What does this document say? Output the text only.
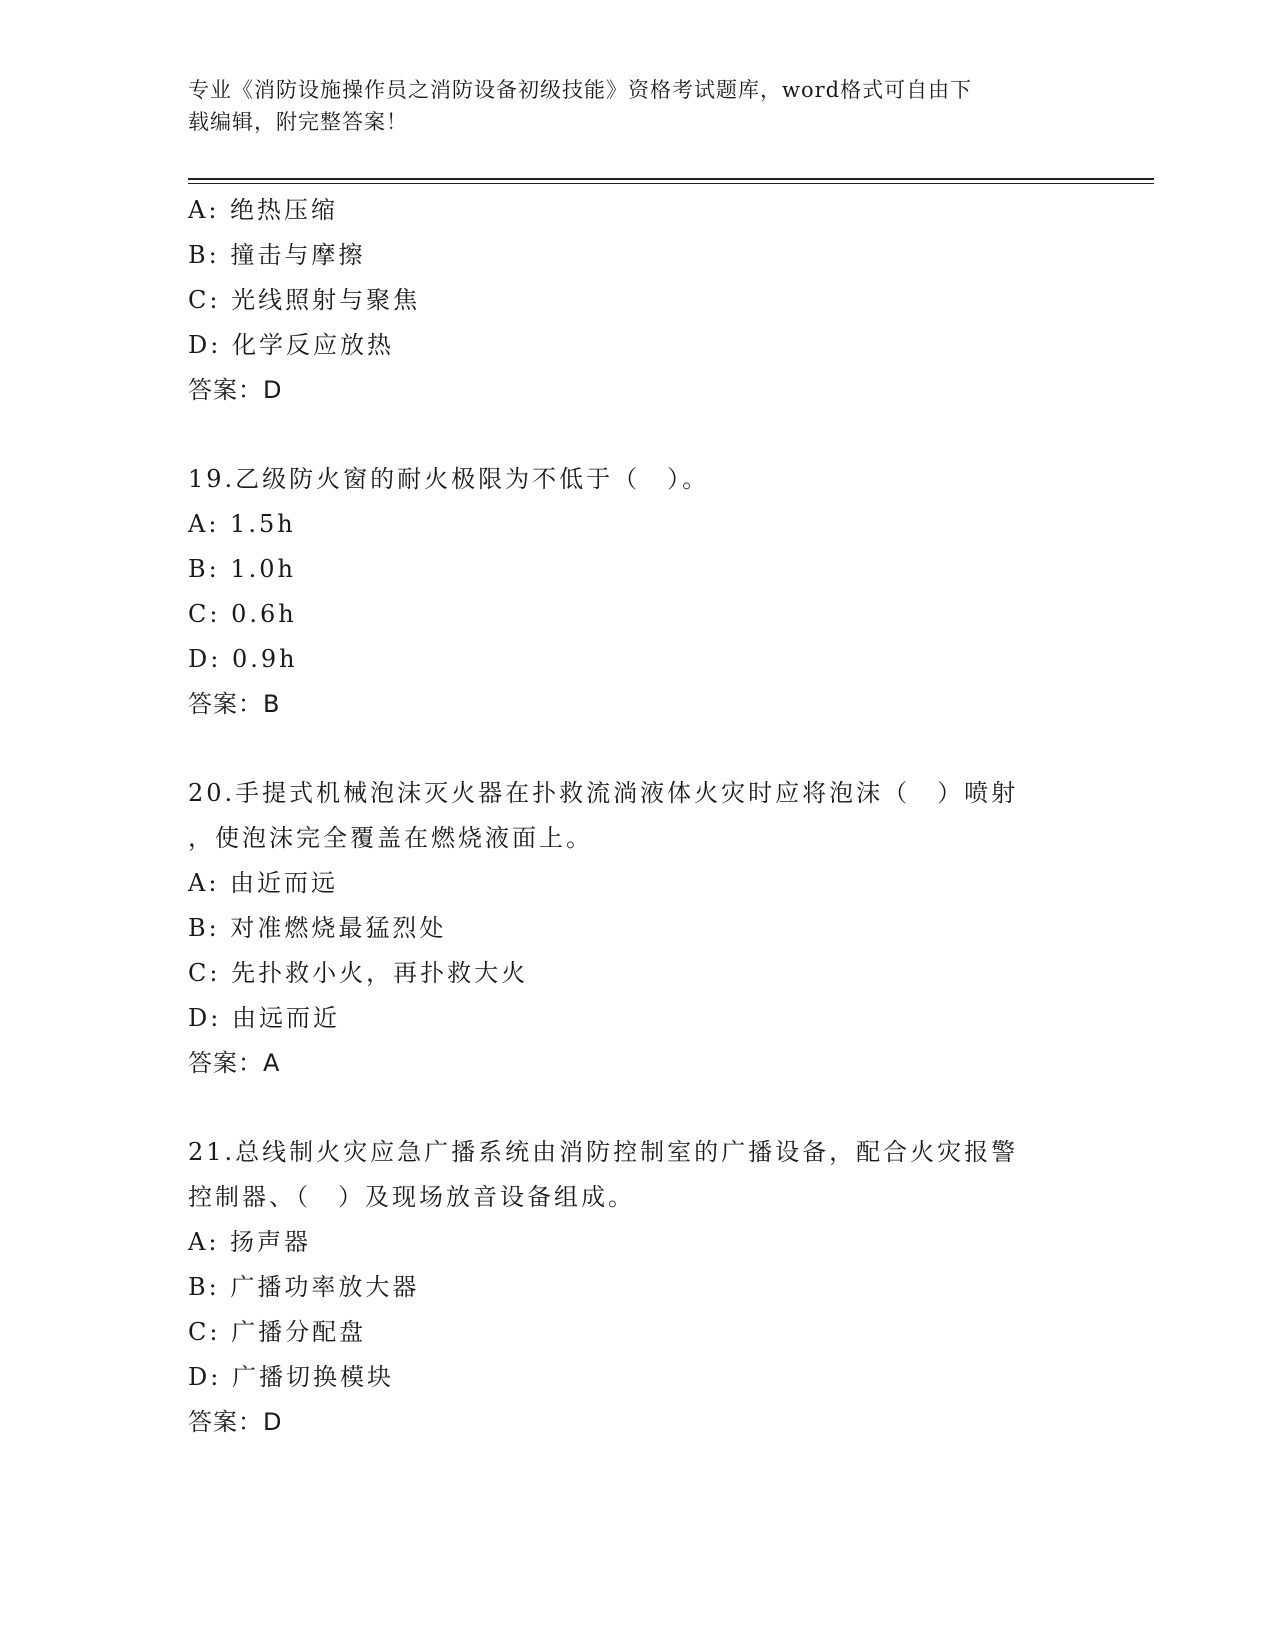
专业《消防设施操作员之消防设备初级技能》资格考试题库，word格式可自由下
载编辑，附完整答案！
A: 绝热压缩
B: 撞击与摩擦
C: 光线照射与聚焦
D: 化学反应放热
答案：D
19.乙级防火窗的耐火极限为不低于（　）。
A: 1.5h
B: 1.0h
C: 0.6h
D: 0.9h
答案：B
20.手提式机械泡沫灭火器在扑救流淌液体火灾时应将泡沫（　）喷射
，使泡沫完全覆盖在燃烧液面上。
A: 由近而远
B: 对准燃烧最猛烈处
C: 先扑救小火，再扑救大火
D: 由远而近
答案：A
21.总线制火灾应急广播系统由消防控制室的广播设备，配合火灾报警
控制器、（　）及现场放音设备组成。
A: 扬声器
B: 广播功率放大器
C: 广播分配盘
D: 广播切换模块
答案：D
